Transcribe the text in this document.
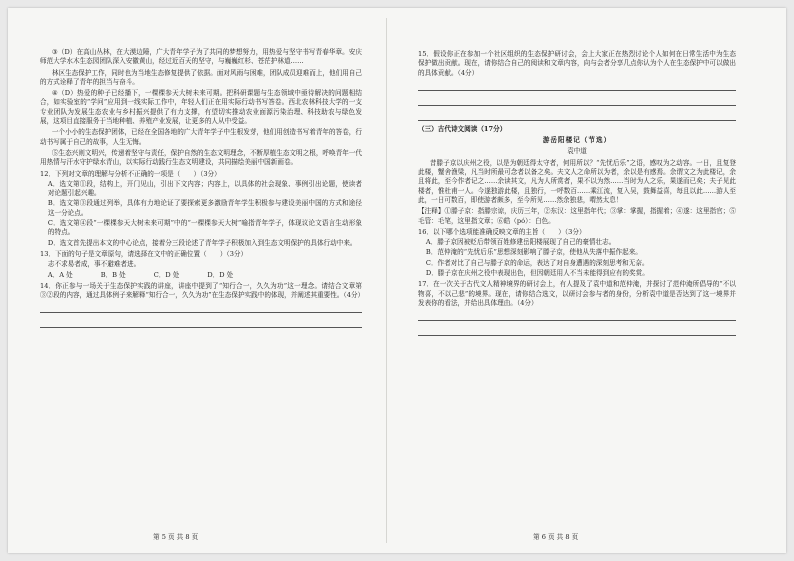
③（D）在高山丛林，在大漠边陲，广大青年学子为了共同的梦想努力，用热爱与坚守书写青春华章。安庆师范大学水木生态园团队深入安徽黄山，经过近百天的坚守，与巍巍红杉、苍茫护林道……

林区生态保护工作，同时也为当地生态修复提供了依据。面对风雨与困难，团队成员迎难而上，他们用自己的方式诠释了青年的担当与奋斗。

④（D）热爱的种子已经播下，一棵棵参天大树未来可期。把科研课题与生态领域中亟待解决的问题相结合，如实验室的“学问”应用到一线实际工作中，年轻人们正在用实际行动书写答卷。西北农林科技大学的一支专业团队为发展生态农业与乡村振兴提供了有力支撑，有望切实推动农业面源污染治理、科技助农与绿色发展，这项目直接服务于当地种植、养殖产业发展，让更多的人从中受益。

一个小小的生态保护团体，已经在全国各地的广大青年学子中生根发芽，他们用创造书写着青年的答卷，行动书写属于自己的故事，人生无悔。

⑤生态兴则文明兴，传递着坚守与责任，保护自然的生态文明理念，不断厚植生态文明之根，呼唤青年一代用热情与汗水守护绿水青山，以实际行动践行生态文明建设，共同描绘美丽中国新画卷。

12．下列对文章的理解与分析不正确的一项是（　　）（3分）

A．选文第①段，结构上，开门见山，引出下文内容；内容上，以具体的社会现象、事例引出论题，使读者对论题引起兴趣。

B．选文第③段通过列举，具体有力地论证了要探索更多激励青年学生积极参与建设美丽中国的方式和途径这一分论点。

C．选文第④段“一棵棵参天大树未来可期”中的“一棵棵参天大树”喻指青年学子，体现议论文语言生动形象的特点。

D．选文首先提出本文的中心论点，接着分三段论述了青年学子积极加入到生态文明保护的具体行动中来。

13．下面的句子是文章原句，请选择在文中的正确位置（　　）（3分）

志不求易者成，事不避难者进。

A．A 处	B．B 处	C．D 处	D．D 处

14．你正参与一场关于生态保护实践的讲座，讲座中提到了“知行合一，久久为功”这一理念。请结合文章第③②段的内容，通过具体例子来解释“知行合一，久久为功”在生态保护实践中的体现，并阐述其重要性。（4分）

第 5 页 共 8 页

15．假设你正在参加一个社区组织的生态保护研讨会，会上大家正在热烈讨论个人如何在日常生活中为生态保护做出贡献。现在，请你结合自己的阅读和文章内容，向与会者分享几点你认为个人在生态保护中可以做出的具体贡献。（4分）

（三）古代诗文阅读（17分）

游岳阳楼记（节选）

袁中道

昔滕子京以庆州之役，以是为朝廷得太守者，何用所以？“先忧后乐”之语，感叹为之动容。一日，且复登此楼，蟹舍渔梁，凡当时所最可念者以备之矣。夫文人之命所以为者，余以是有感焉。余谓文之为此楼记，余且将此，至今作者记之……余读其文，凡为人所赏者，果不以为然……当时为人之乐，果遂而已矣；夫子见此楼者，惟杜甫一人。今遂独游此楼，且独行，一呼数百……乘江流，复入吴，鼓舞益喜，每且以此……游人至此，一日可数百，即使游者颇多，至今所见……然余独悲，喟然太息！

【注释】①滕子京：指滕宗谅，庆历三年，②东汉：这里指年代；③掌：掌握，指握着；④遂：这里指官；⑤毛管：毛笔，这里指文章；⑥皓（pó）：白色。

16．以下哪个选项能准确反映文章的主旨（　　）（3分）

A．滕子京因被贬后带领百姓修建岳阳楼展现了自己的豪情壮志。

B．范仲淹的“先忧后乐”思想深刻影响了滕子京，使他从失落中振作起来。

C．作者对比了自己与滕子京的命运，表达了对自身遭遇的深刻思考和无奈。

D．滕子京在庆州之役中表现出色，但因朝廷用人不当未能得到应有的奖赏。

17．在一次关于古代文人精神境界的研讨会上，有人提及了袁中道和范仲淹，并探讨了范仲淹所倡导的“不以物喜，不以己悲”的境界。现在，请你结合选文，以研讨会参与者的身份，分析袁中道是否达到了这一境界并发表你的看法，并给出具体理由。（4分）

第 6 页 共 8 页
